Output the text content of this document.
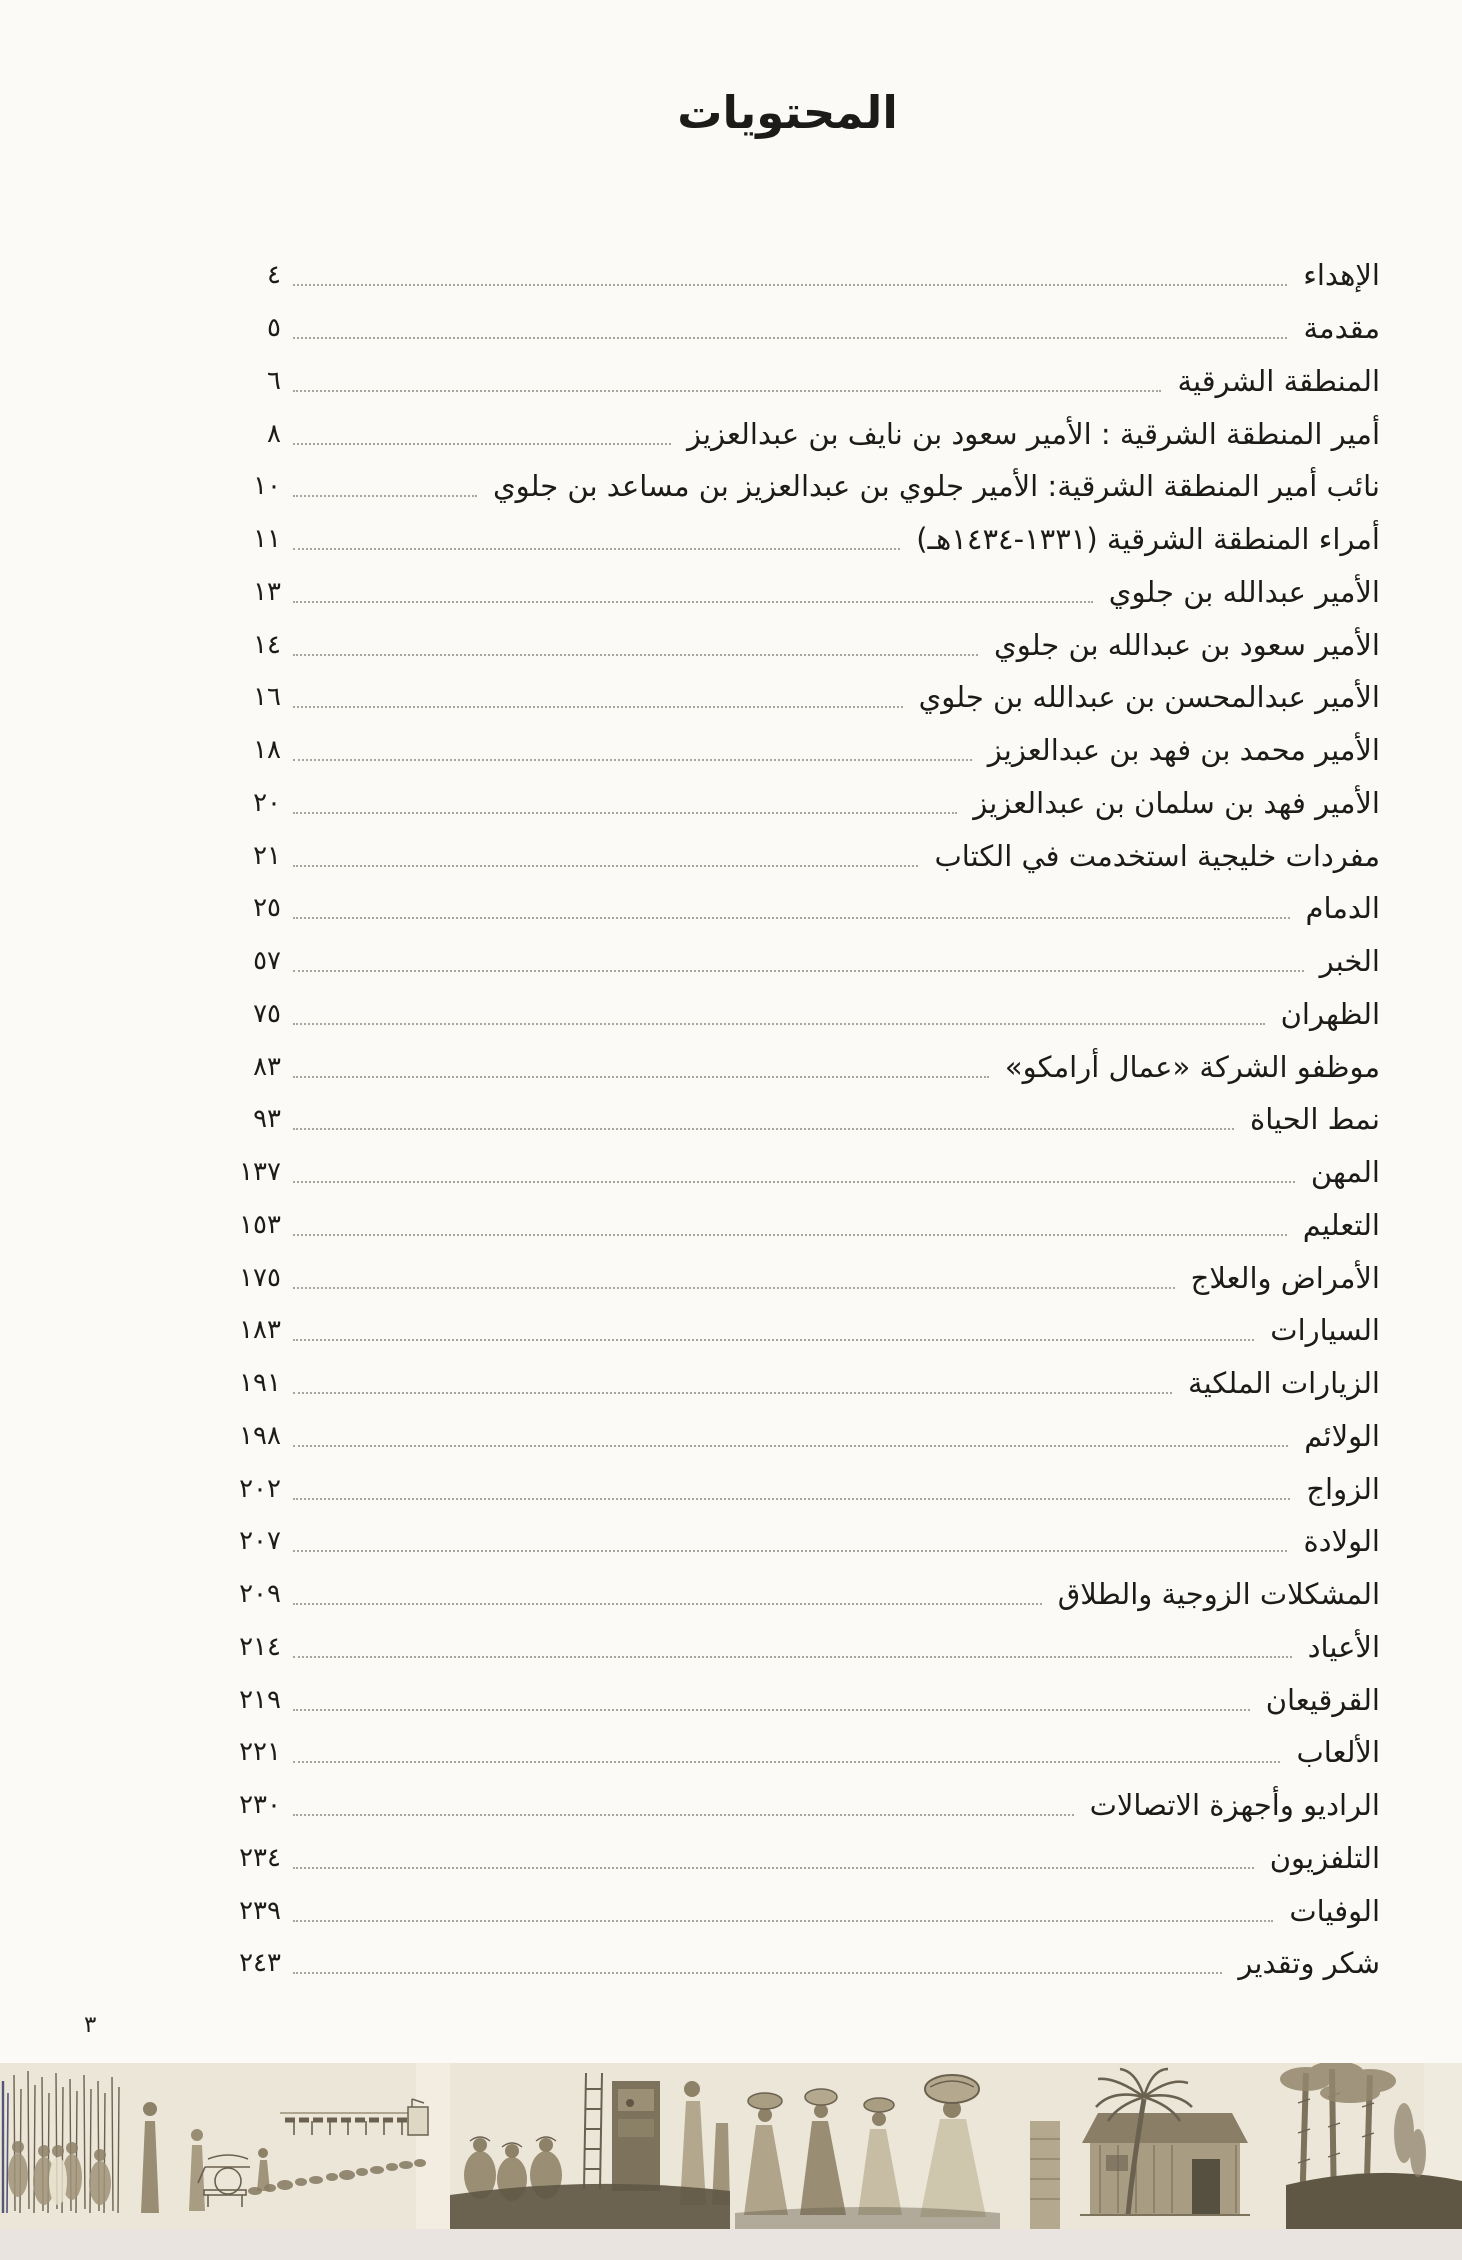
المحتويات
الإهداء
٤
مقدمة
٥
المنطقة الشرقية
٦
أمير المنطقة الشرقية : الأمير سعود بن نايف بن عبدالعزيز
٨
نائب أمير المنطقة الشرقية: الأمير جلوي بن عبدالعزيز بن مساعد بن جلوي
١٠
أمراء المنطقة الشرقية (١٣٣١-١٤٣٤هـ)
١١
الأمير عبدالله بن جلوي
١٣
الأمير سعود بن عبدالله بن جلوي
١٤
الأمير عبدالمحسن بن عبدالله بن جلوي
١٦
الأمير محمد بن فهد بن عبدالعزيز
١٨
الأمير فهد بن سلمان بن عبدالعزيز
٢٠
مفردات خليجية استخدمت في الكتاب
٢١
الدمام
٢٥
الخبر
٥٧
الظهران
٧٥
موظفو الشركة «عمال أرامكو»
٨٣
نمط الحياة
٩٣
المهن
١٣٧
التعليم
١٥٣
الأمراض والعلاج
١٧٥
السيارات
١٨٣
الزيارات الملكية
١٩١
الولائم
١٩٨
الزواج
٢٠٢
الولادة
٢٠٧
المشكلات الزوجية والطلاق
٢٠٩
الأعياد
٢١٤
القرقيعان
٢١٩
الألعاب
٢٢١
الراديو وأجهزة الاتصالات
٢٣٠
التلفزيون
٢٣٤
الوفيات
٢٣٩
شكر وتقدير
٢٤٣
٣
